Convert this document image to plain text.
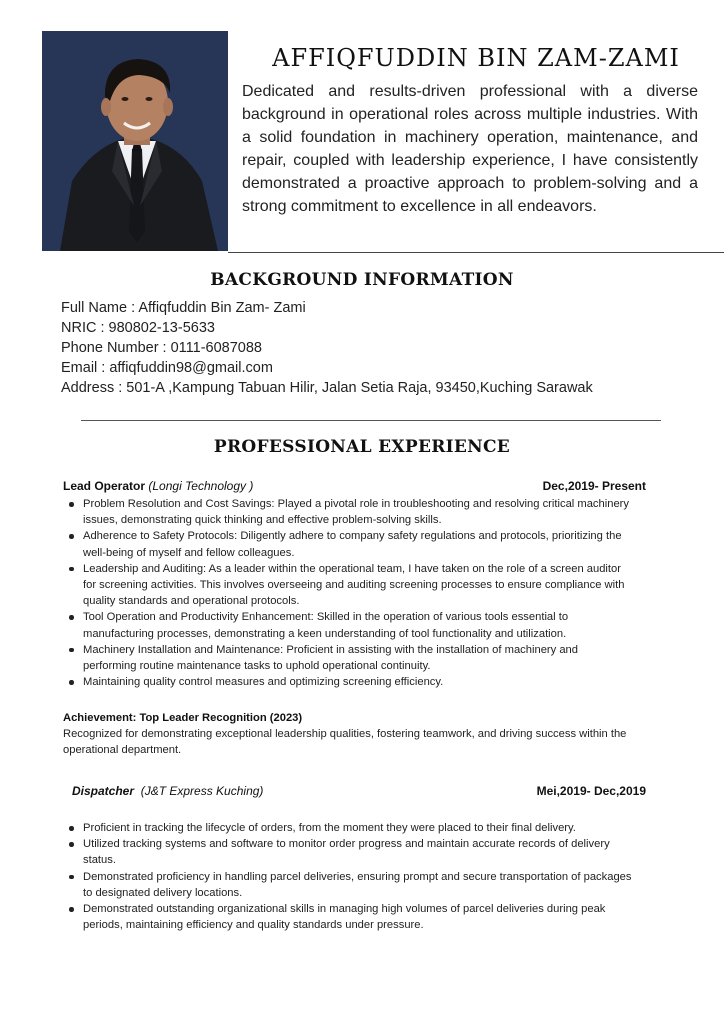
AFFIQFUDDIN BIN ZAM-ZAMI
Dedicated and results-driven professional with a diverse background in operational roles across multiple industries. With a solid foundation in machinery operation, maintenance, and repair, coupled with leadership experience, I have consistently demonstrated a proactive approach to problem-solving and a strong commitment to excellence in all endeavors.
BACKGROUND INFORMATION
Full Name : Affiqfuddin Bin Zam- Zami
NRIC : 980802-13-5633
Phone Number : 0111-6087088
Email : affiqfuddin98@gmail.com
Address : 501-A ,Kampung Tabuan Hilir, Jalan Setia Raja, 93450,Kuching Sarawak
PROFESSIONAL EXPERIENCE
Lead Operator (Longi Technology )	Dec,2019- Present
Problem Resolution and Cost Savings: Played a pivotal role in troubleshooting and resolving critical machinery issues, demonstrating quick thinking and effective problem-solving skills.
Adherence to Safety Protocols: Diligently adhere to company safety regulations and protocols, prioritizing the well-being of myself and fellow colleagues.
Leadership and Auditing: As a leader within the operational team, I have taken on the role of a screen auditor for screening activities. This involves overseeing and auditing screening processes to ensure compliance with quality standards and operational protocols.
Tool Operation and Productivity Enhancement: Skilled in the operation of various tools essential to manufacturing processes, demonstrating a keen understanding of tool functionality and utilization.
Machinery Installation and Maintenance: Proficient in assisting with the installation of machinery and performing routine maintenance tasks to uphold operational continuity.
Maintaining quality control measures and optimizing screening efficiency.
Achievement: Top Leader Recognition (2023)
Recognized for demonstrating exceptional leadership qualities, fostering teamwork, and driving success within the operational department.
Dispatcher (J&T Express Kuching)	Mei,2019- Dec,2019
Proficient in tracking the lifecycle of orders, from the moment they were placed to their final delivery.
Utilized tracking systems and software to monitor order progress and maintain accurate records of delivery status.
Demonstrated proficiency in handling parcel deliveries, ensuring prompt and secure transportation of packages to designated delivery locations.
Demonstrated outstanding organizational skills in managing high volumes of parcel deliveries during peak periods, maintaining efficiency and quality standards under pressure.
